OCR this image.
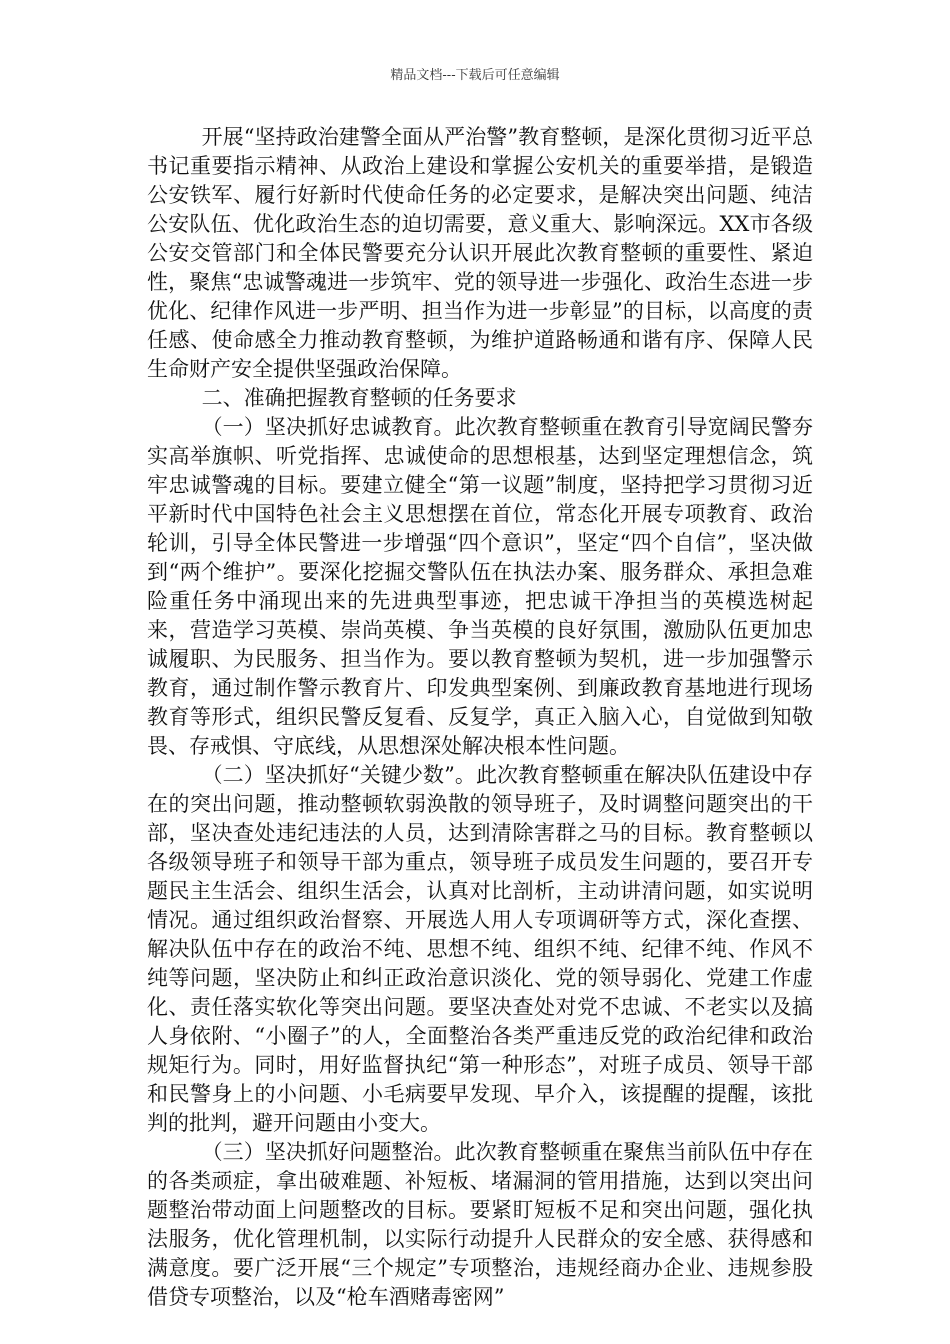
精品文档---下载后可任意编辑

开展“坚持政治建警全面从严治警”教育整顿，是深化贯彻习近平总书记重要指示精神、从政治上建设和掌握公安机关的重要举措，是锻造公安铁军、履行好新时代使命任务的必定要求，是解决突出问题、纯洁公安队伍、优化政治生态的迫切需要，意义重大、影响深远。XX市各级公安交管部门和全体民警要充分认识开展此次教育整顿的重要性、紧迫性，聚焦“忠诚警魂进一步筑牢、党的领导进一步强化、政治生态进一步优化、纪律作风进一步严明、担当作为进一步彰显”的目标，以高度的责任感、使命感全力推动教育整顿，为维护道路畅通和谐有序、保障人民生命财产安全提供坚强政治保障。

二、准确把握教育整顿的任务要求

（一）坚决抓好忠诚教育。此次教育整顿重在教育引导宽阔民警夯实高举旗帜、听党指挥、忠诚使命的思想根基，达到坚定理想信念，筑牢忠诚警魂的目标。要建立健全“第一议题”制度，坚持把学习贯彻习近平新时代中国特色社会主义思想摆在首位，常态化开展专项教育、政治轮训，引导全体民警进一步增强“四个意识”，坚定“四个自信”，坚决做到“两个维护”。要深化挖掘交警队伍在执法办案、服务群众、承担急难险重任务中涌现出来的先进典型事迹，把忠诚干净担当的英模选树起来，营造学习英模、崇尚英模、争当英模的良好氛围，激励队伍更加忠诚履职、为民服务、担当作为。要以教育整顿为契机，进一步加强警示教育，通过制作警示教育片、印发典型案例、到廉政教育基地进行现场教育等形式，组织民警反复看、反复学，真正入脑入心，自觉做到知敬畏、存戒惧、守底线，从思想深处解决根本性问题。

（二）坚决抓好“关键少数”。此次教育整顿重在解决队伍建设中存在的突出问题，推动整顿软弱涣散的领导班子，及时调整问题突出的干部，坚决查处违纪违法的人员，达到清除害群之马的目标。教育整顿以各级领导班子和领导干部为重点，领导班子成员发生问题的，要召开专题民主生活会、组织生活会，认真对比剖析，主动讲清问题，如实说明情况。通过组织政治督察、开展选人用人专项调研等方式，深化查摆、解决队伍中存在的政治不纯、思想不纯、组织不纯、纪律不纯、作风不纯等问题，坚决防止和纠正政治意识淡化、党的领导弱化、党建工作虚化、责任落实软化等突出问题。要坚决查处对党不忠诚、不老实以及搞人身依附、“小圈子”的人，全面整治各类严重违反党的政治纪律和政治规矩行为。同时，用好监督执纪“第一种形态”，对班子成员、领导干部和民警身上的小问题、小毛病要早发现、早介入，该提醒的提醒，该批判的批判，避开问题由小变大。

（三）坚决抓好问题整治。此次教育整顿重在聚焦当前队伍中存在的各类顽症，拿出破难题、补短板、堵漏洞的管用措施，达到以突出问题整治带动面上问题整改的目标。要紧盯短板不足和突出问题，强化执法服务，优化管理机制，以实际行动提升人民群众的安全感、获得感和满意度。要广泛开展“三个规定”专项整治，违规经商办企业、违规参股借贷专项整治，以及“枪车酒赌毒密网”
